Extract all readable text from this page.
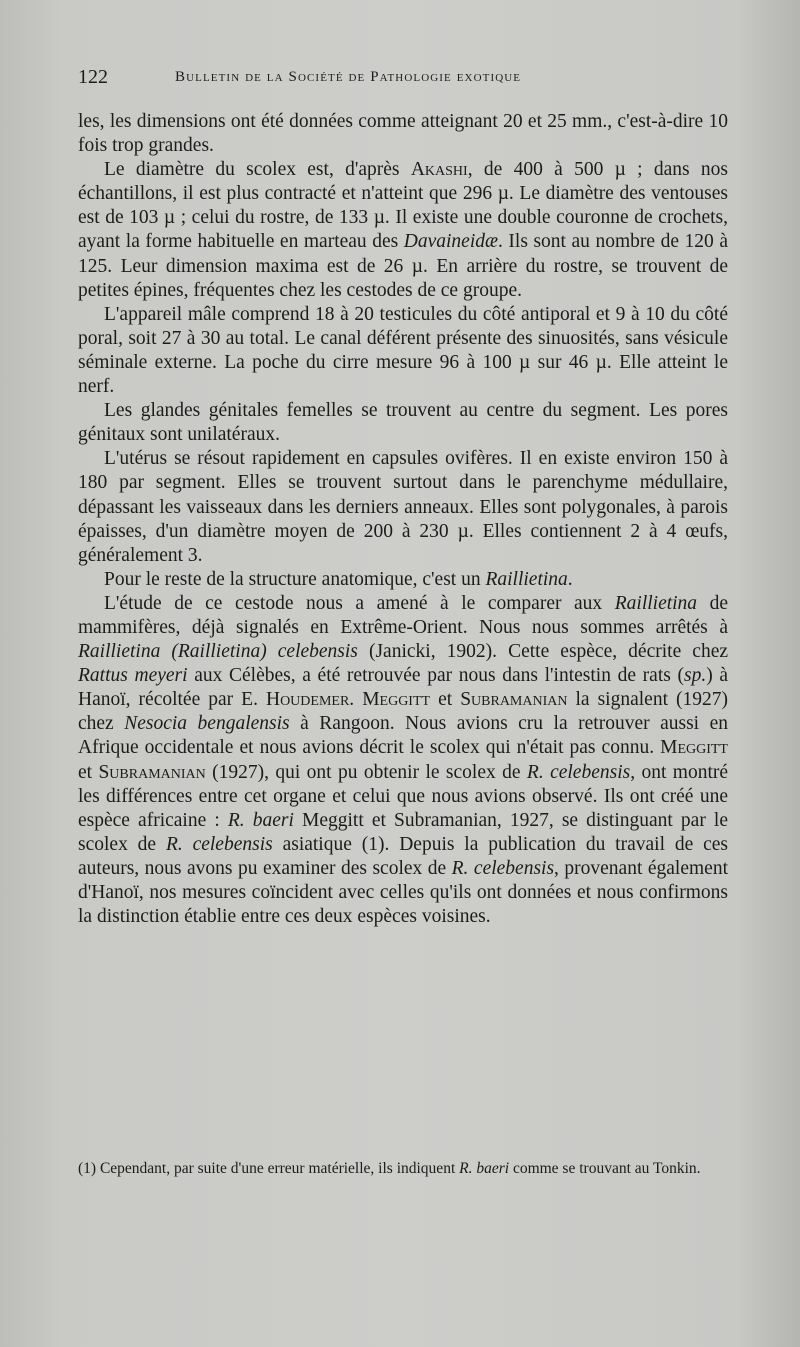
122	Bulletin de la Société de Pathologie exotique

les, les dimensions ont été données comme atteignant 20 et 25 mm., c'est-à-dire 10 fois trop grandes.

Le diamètre du scolex est, d'après Akashi, de 400 à 500 µ ; dans nos échantillons, il est plus contracté et n'atteint que 296 µ. Le diamètre des ventouses est de 103 µ ; celui du rostre, de 133 µ. Il existe une double couronne de crochets, ayant la forme habituelle en marteau des Davaineidæ. Ils sont au nombre de 120 à 125. Leur dimension maxima est de 26 µ. En arrière du rostre, se trouvent de petites épines, fréquentes chez les cestodes de ce groupe.

L'appareil mâle comprend 18 à 20 testicules du côté antiporal et 9 à 10 du côté poral, soit 27 à 30 au total. Le canal déférent présente des sinuosités, sans vésicule séminale externe. La poche du cirre mesure 96 à 100 µ sur 46 µ. Elle atteint le nerf.

Les glandes génitales femelles se trouvent au centre du segment. Les pores génitaux sont unilatéraux.

L'utérus se résout rapidement en capsules ovifères. Il en existe environ 150 à 180 par segment. Elles se trouvent surtout dans le parenchyme médullaire, dépassant les vaisseaux dans les derniers anneaux. Elles sont polygonales, à parois épaisses, d'un diamètre moyen de 200 à 230 µ. Elles contiennent 2 à 4 œufs, généralement 3.

Pour le reste de la structure anatomique, c'est un Raillietina.

L'étude de ce cestode nous a amené à le comparer aux Raillietina de mammifères, déjà signalés en Extrême-Orient. Nous nous sommes arrêtés à Raillietina (Raillietina) celebensis (Janicki, 1902). Cette espèce, décrite chez Rattus meyeri aux Célèbes, a été retrouvée par nous dans l'intestin de rats (sp.) à Hanoï, récoltée par E. Houdemer. Meggitt et Subramanian la signalent (1927) chez Nesocia bengalensis à Rangoon. Nous avions cru la retrouver aussi en Afrique occidentale et nous avions décrit le scolex qui n'était pas connu. Meggitt et Subramanian (1927), qui ont pu obtenir le scolex de R. celebensis, ont montré les différences entre cet organe et celui que nous avions observé. Ils ont créé une espèce africaine : R. baeri Meggitt et Subramanian, 1927, se distinguant par le scolex de R. celebensis asiatique (1). Depuis la publication du travail de ces auteurs, nous avons pu examiner des scolex de R. celebensis, provenant également d'Hanoï, nos mesures coïncident avec celles qu'ils ont données et nous confirmons la distinction établie entre ces deux espèces voisines.

(1) Cependant, par suite d'une erreur matérielle, ils indiquent R. baeri comme se trouvant au Tonkin.
